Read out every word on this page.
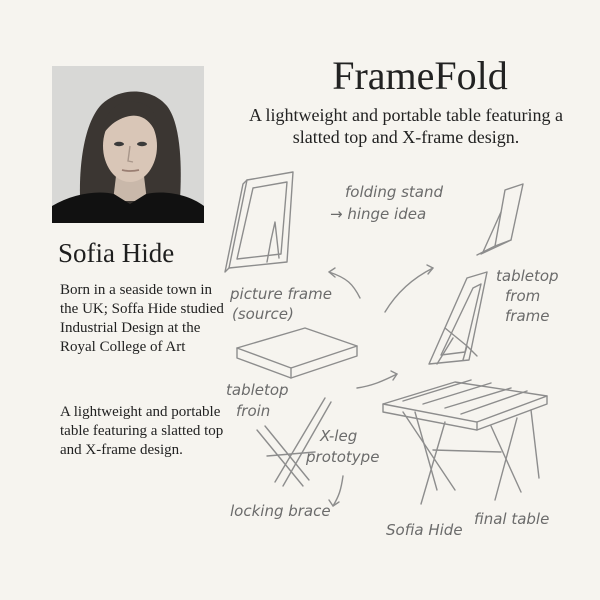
FrameFold
A lightweight and portable table featuring a slatted top and X-frame design.
Sofia Hide
Born in a seaside town in the UK; Soffa Hide studied Industrial Design at the Royal College of Art
A lightweight and portable table featuring a slatted top and X-frame design.
folding stand
→ hinge idea
picture frame
(source)
tabletop
from
frame
tabletop
froin
X-leg
prototype
locking brace
Sofia Hide
final table
